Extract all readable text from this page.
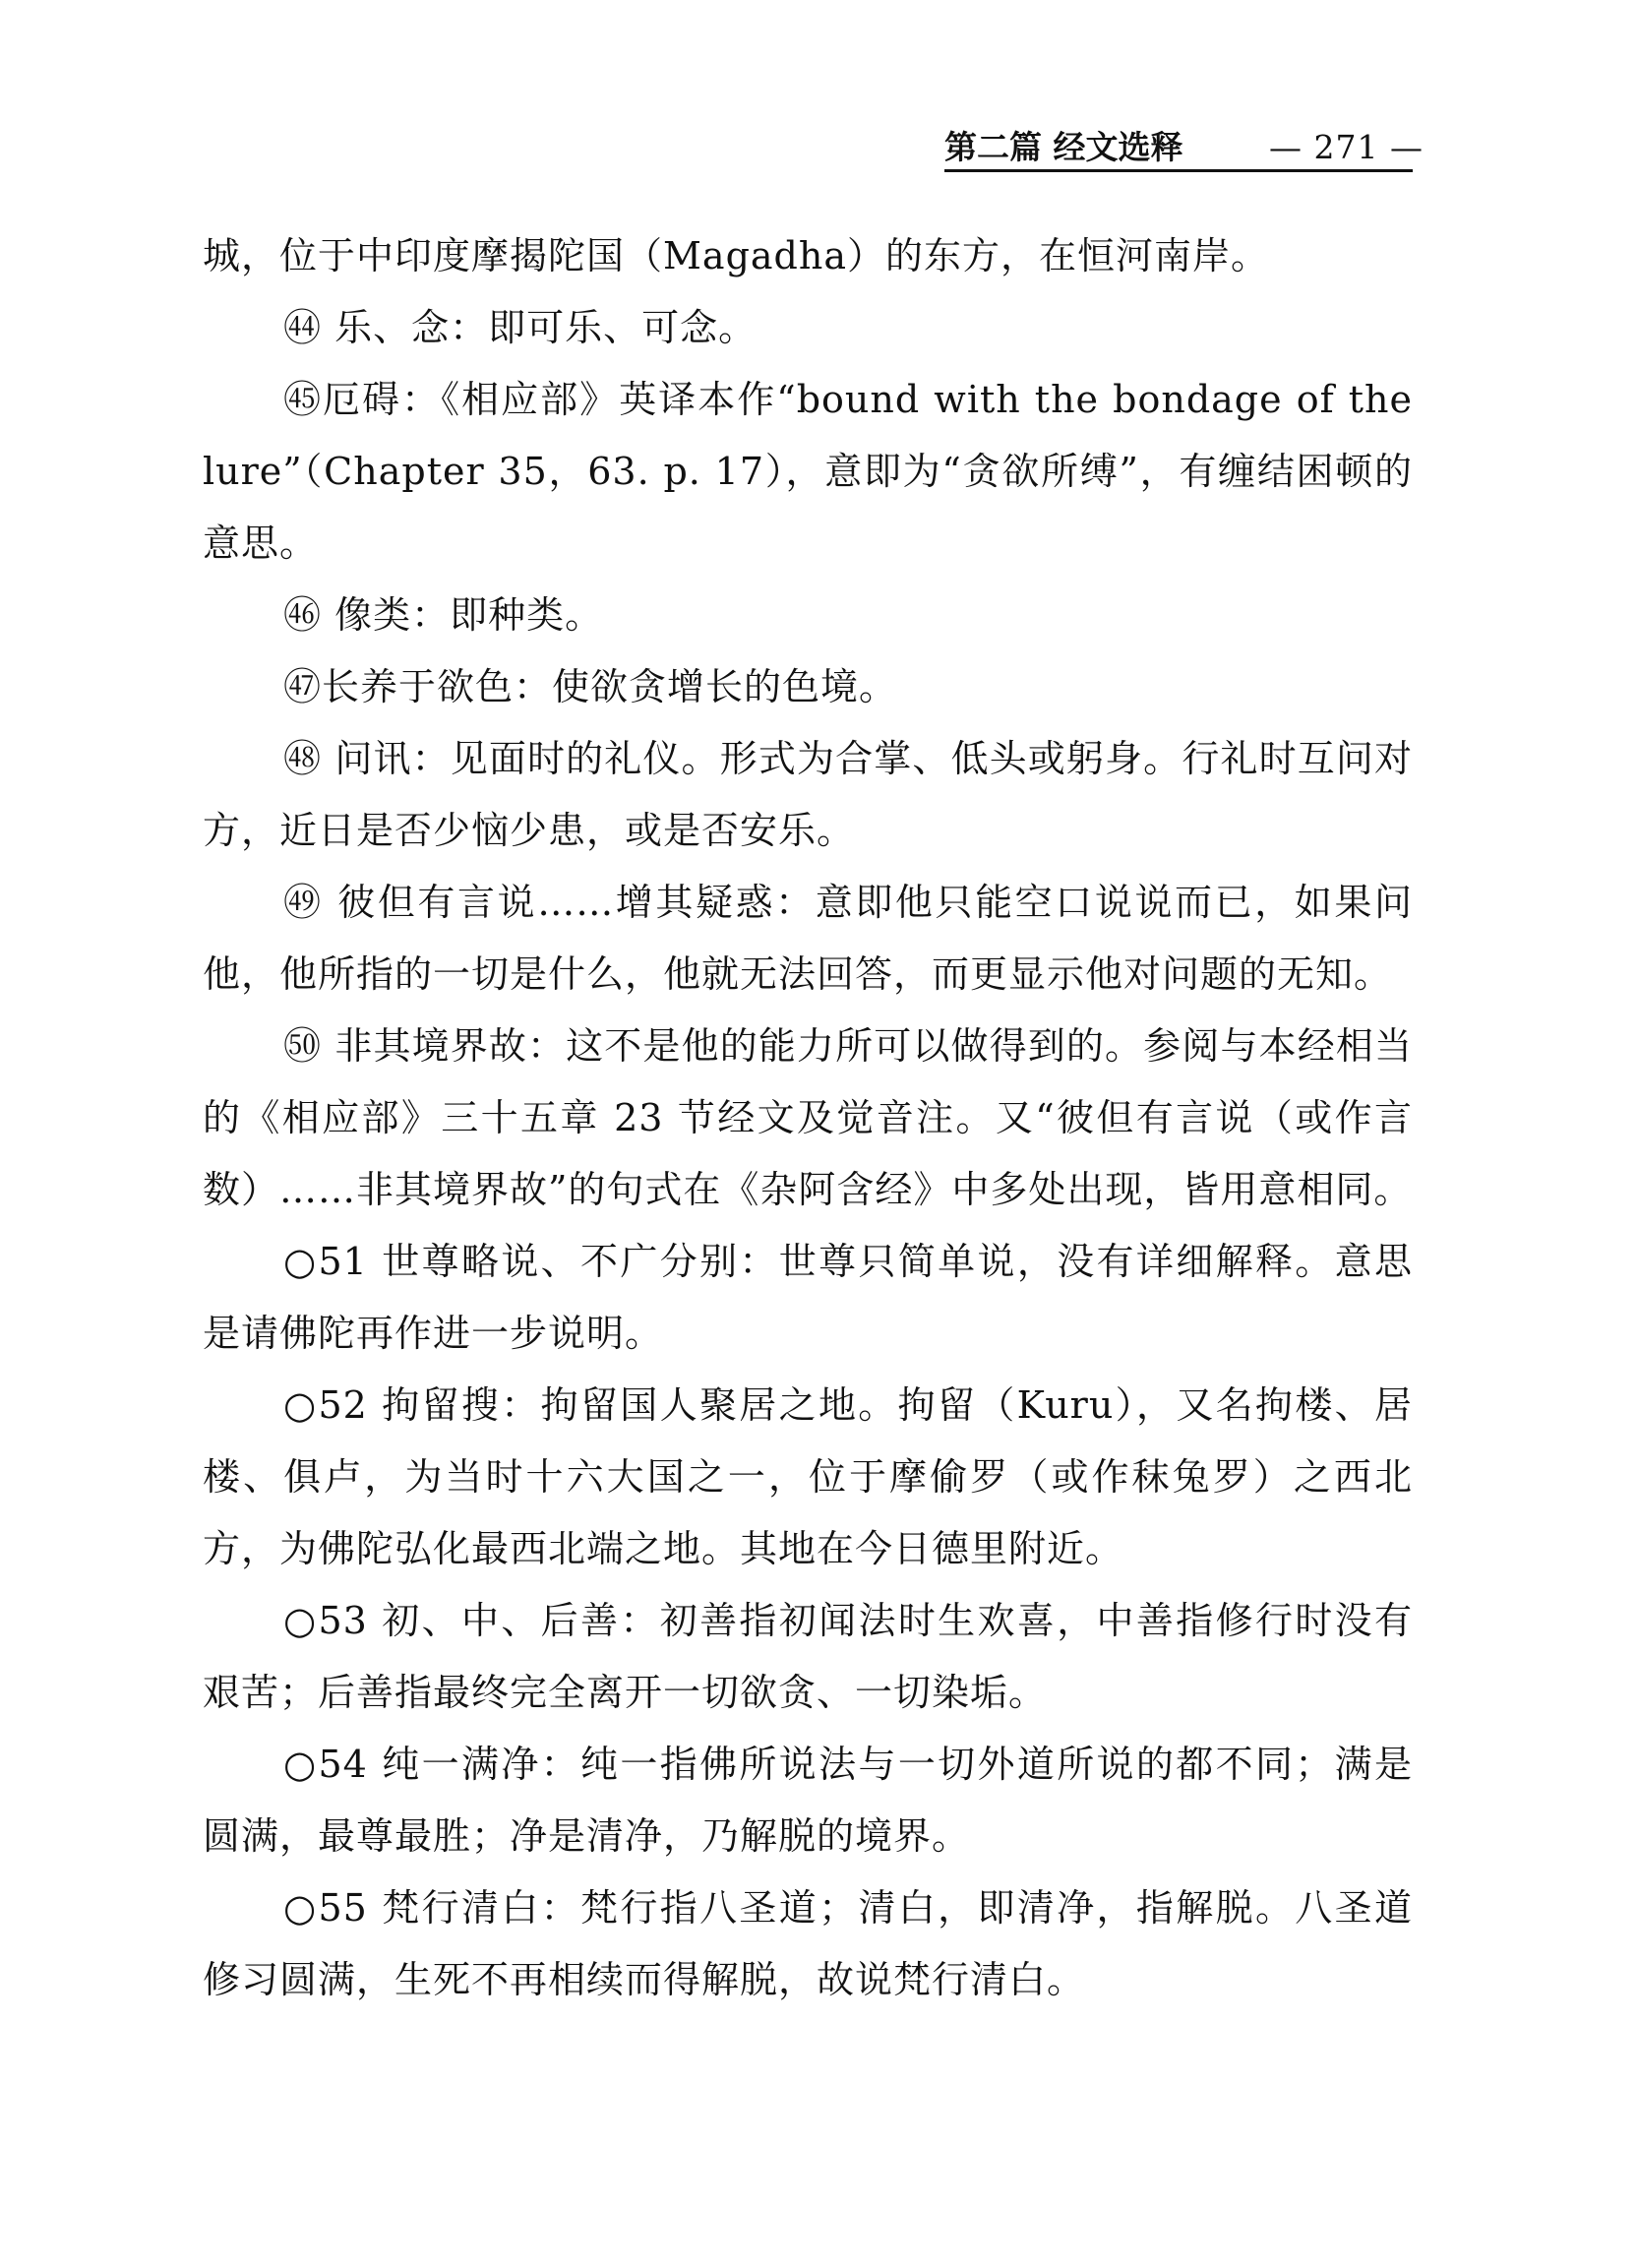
第二篇 经文选释	— 271 —

城，位于中印度摩揭陀国（Magadha）的东方，在恒河南岸。

㊹ 乐、念：即可乐、可念。

㊺厄碍：《相应部》英译本作“bound with the bondage of the lure”（Chapter 35，63. p. 17），意即为“贪欲所缚”，有缠结困顿的意思。

㊻ 像类：即种类。

㊼长养于欲色：使欲贪增长的色境。

㊽ 问讯：见面时的礼仪。形式为合掌、低头或躬身。行礼时互问对方，近日是否少恼少患，或是否安乐。

㊾ 彼但有言说……增其疑惑：意即他只能空口说说而已，如果问他，他所指的一切是什么，他就无法回答，而更显示他对问题的无知。

㊿ 非其境界故：这不是他的能力所可以做得到的。参阅与本经相当的《相应部》三十五章 23 节经文及觉音注。又“彼但有言说（或作言数）……非其境界故”的句式在《杂阿含经》中多处出现，皆用意相同。

○51 世尊略说、不广分别：世尊只简单说，没有详细解释。意思是请佛陀再作进一步说明。

○52 拘留搜：拘留国人聚居之地。拘留（Kuru），又名拘楼、居楼、俱卢，为当时十六大国之一，位于摩偷罗（或作秣兔罗）之西北方，为佛陀弘化最西北端之地。其地在今日德里附近。

○53 初、中、后善：初善指初闻法时生欢喜，中善指修行时没有艰苦；后善指最终完全离开一切欲贪、一切染垢。

○54 纯一满净：纯一指佛所说法与一切外道所说的都不同；满是圆满，最尊最胜；净是清净，乃解脱的境界。

○55 梵行清白：梵行指八圣道；清白，即清净，指解脱。八圣道修习圆满，生死不再相续而得解脱，故说梵行清白。
